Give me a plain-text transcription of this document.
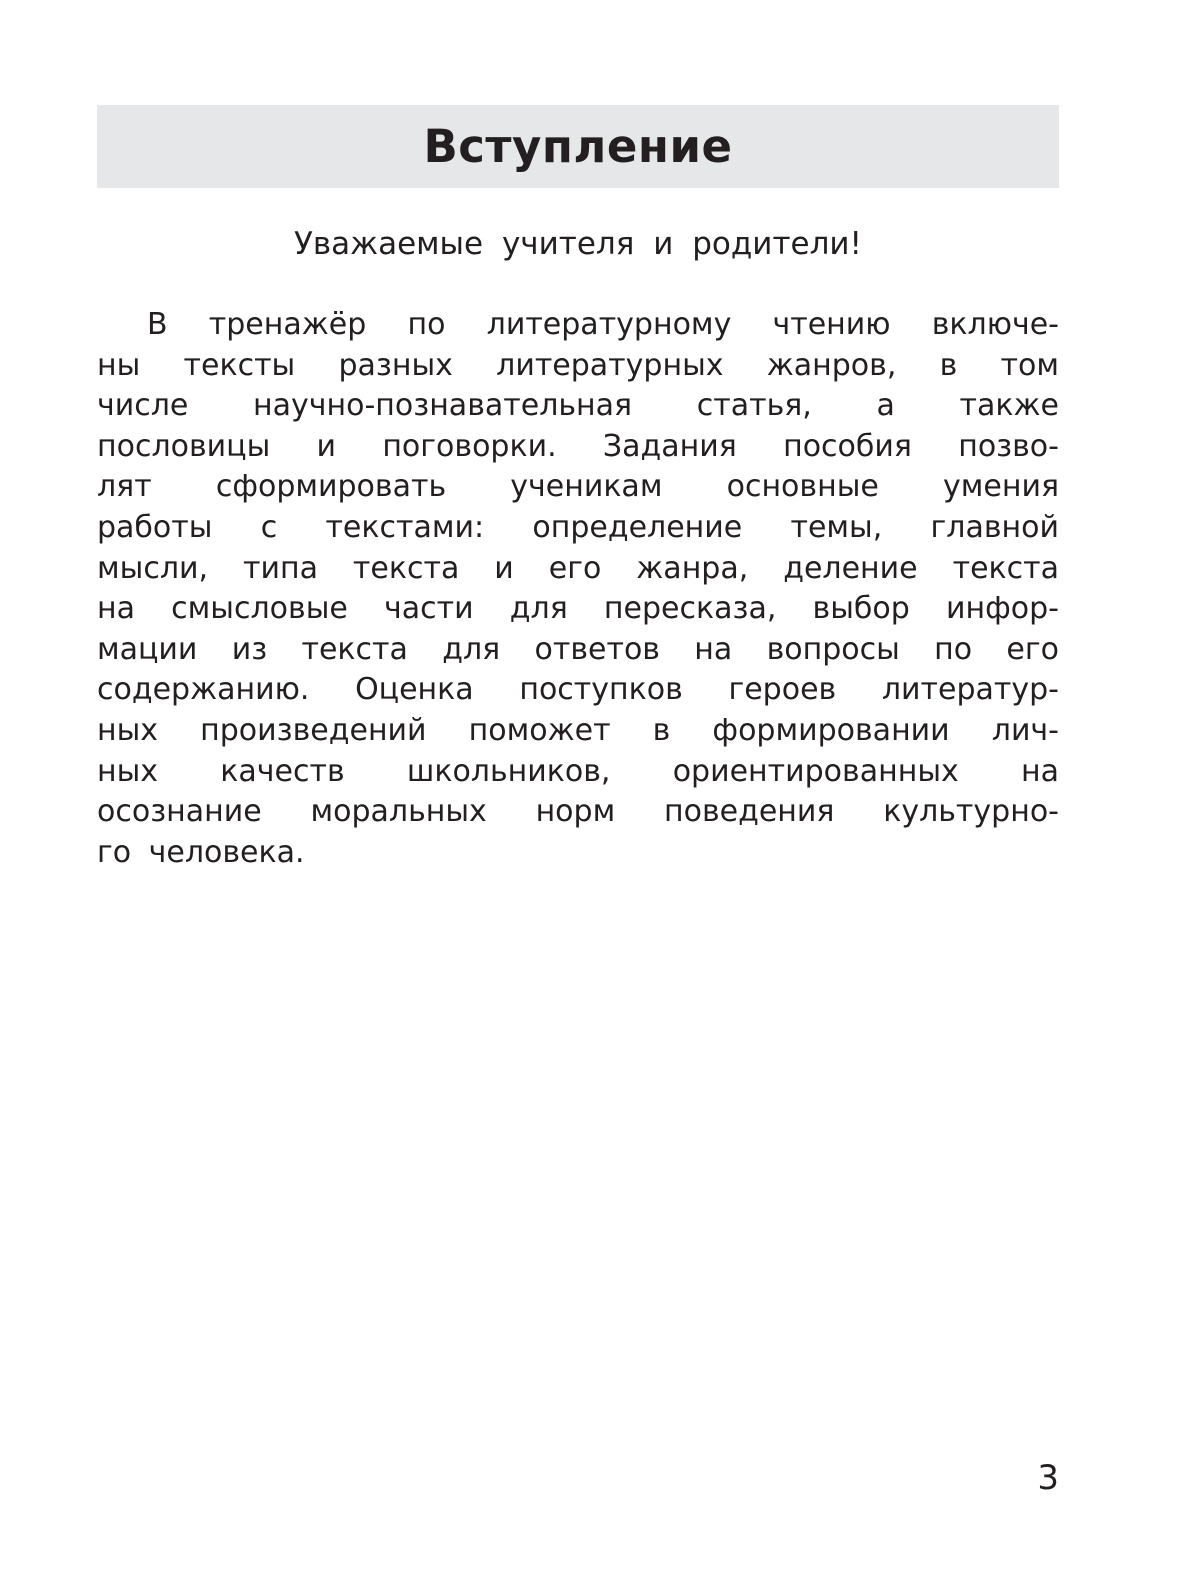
Вступление
Уважаемые учителя и родители!
В тренажёр по литературному чтению включе-
ны тексты разных литературных жанров, в том
числе научно-познавательная статья, а также
пословицы и поговорки. Задания пособия позво-
лят сформировать ученикам основные умения
работы с текстами: определение темы, главной
мысли, типа текста и его жанра, деление текста
на смысловые части для пересказа, выбор инфор-
мации из текста для ответов на вопросы по его
содержанию. Оценка поступков героев литератур-
ных произведений поможет в формировании лич-
ных качеств школьников, ориентированных на
осознание моральных норм поведения культурно-
го человека.
3
